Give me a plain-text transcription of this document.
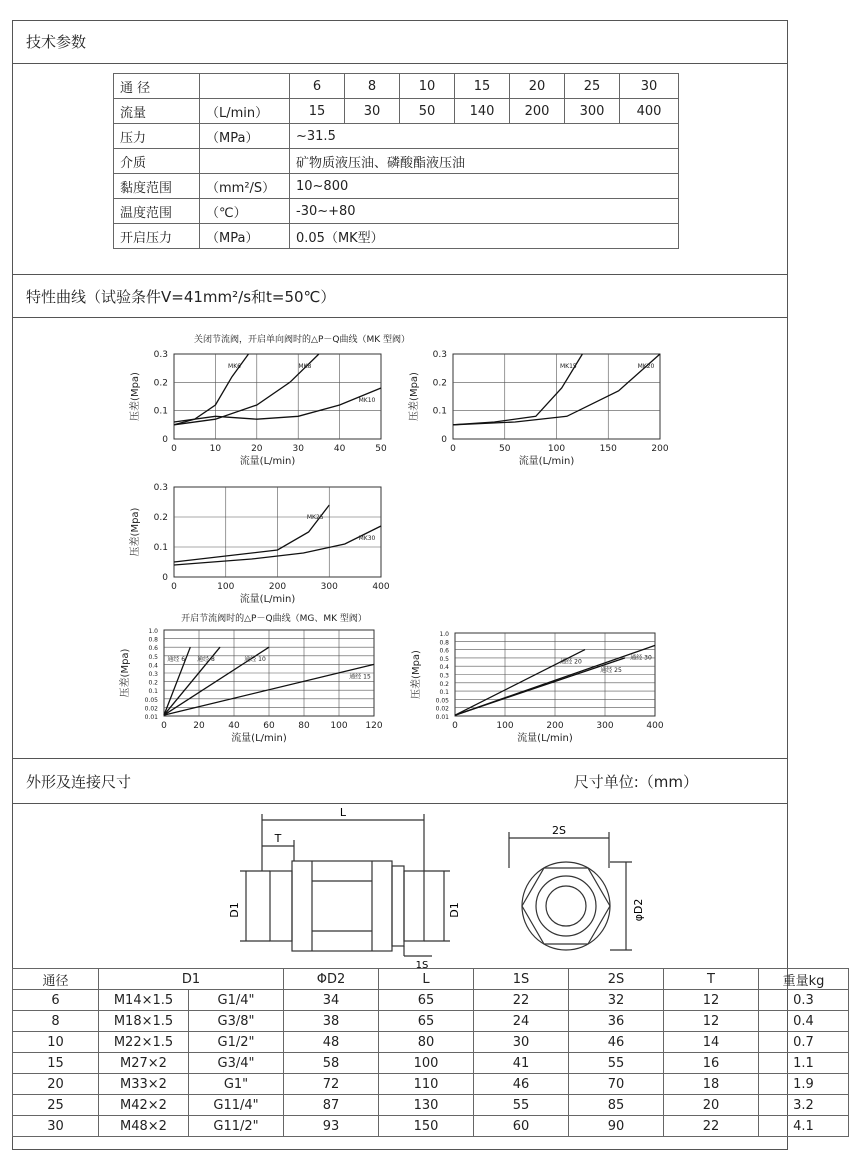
技术参数
通 径		6	8	10	15	20	25	30
流量	（L/min）	15	30	50	140	200	300	400
压力	（MPa）	~31.5						
介质		矿物质液压油、磷酸酯液压油						
黏度范围	（mm²/S）	10~800						
温度范围	（℃）	-30~+80						
开启压力	（MPa）	0.05（MK型）						
特性曲线（试验条件V=41mm²/s和t=50℃）
关闭节流阀，开启单向阀时的△P－Q曲线（MK 型阀）
开启节流阀时的△P－Q曲线（MG、MK 型阀）
0	10	20	30	40	50
0
0.1
0.2
0.3
压差(Mpa)
流量(L/min)
MK6	MK8
MK10
0	50	100	150	200
0
0.1
0.2
0.3
压差(Mpa)
流量(L/min)
MK15	MK20
0	100	200	300	400
0
0.1
0.2
0.3
压差(Mpa)
流量(L/min)
MK25
MK30
0	20	40	60	80 100 120
0.01
0.02
0.05
0.1
0.2
0.3
0.4
0.5
0.6
0.8
1.0
压差(Mpa)
流量(L/min)
通经 6 通经 8	通经 10
通经 15
0	100	200	300	400
0.01
0.02
0.05
0.1
0.2
0.3
0.4
0.5
0.6
0.8
1.0
压差(Mpa)
流量(L/min)
通经 20
通经 25
通经 30
外形及连接尺寸	尺寸单位:（mm）
L
T
D1	D1
1S
2S
φD2
通径	D1		ΦD2	L	1S	2S	T	重量kg
6	M14×1.5	G1/4"	34	65	22	32	12	0.3
8	M18×1.5	G3/8"	38	65	24	36	12	0.4
10	M22×1.5	G1/2"	48	80	30	46	14	0.7
15	M27×2	G3/4"	58	100	41	55	16	1.1
20	M33×2	G1"	72	110	46	70	18	1.9
25	M42×2	G11/4"	87	130	55	85	20	3.2
30	M48×2	G11/2"	93	150	60	90	22	4.1
